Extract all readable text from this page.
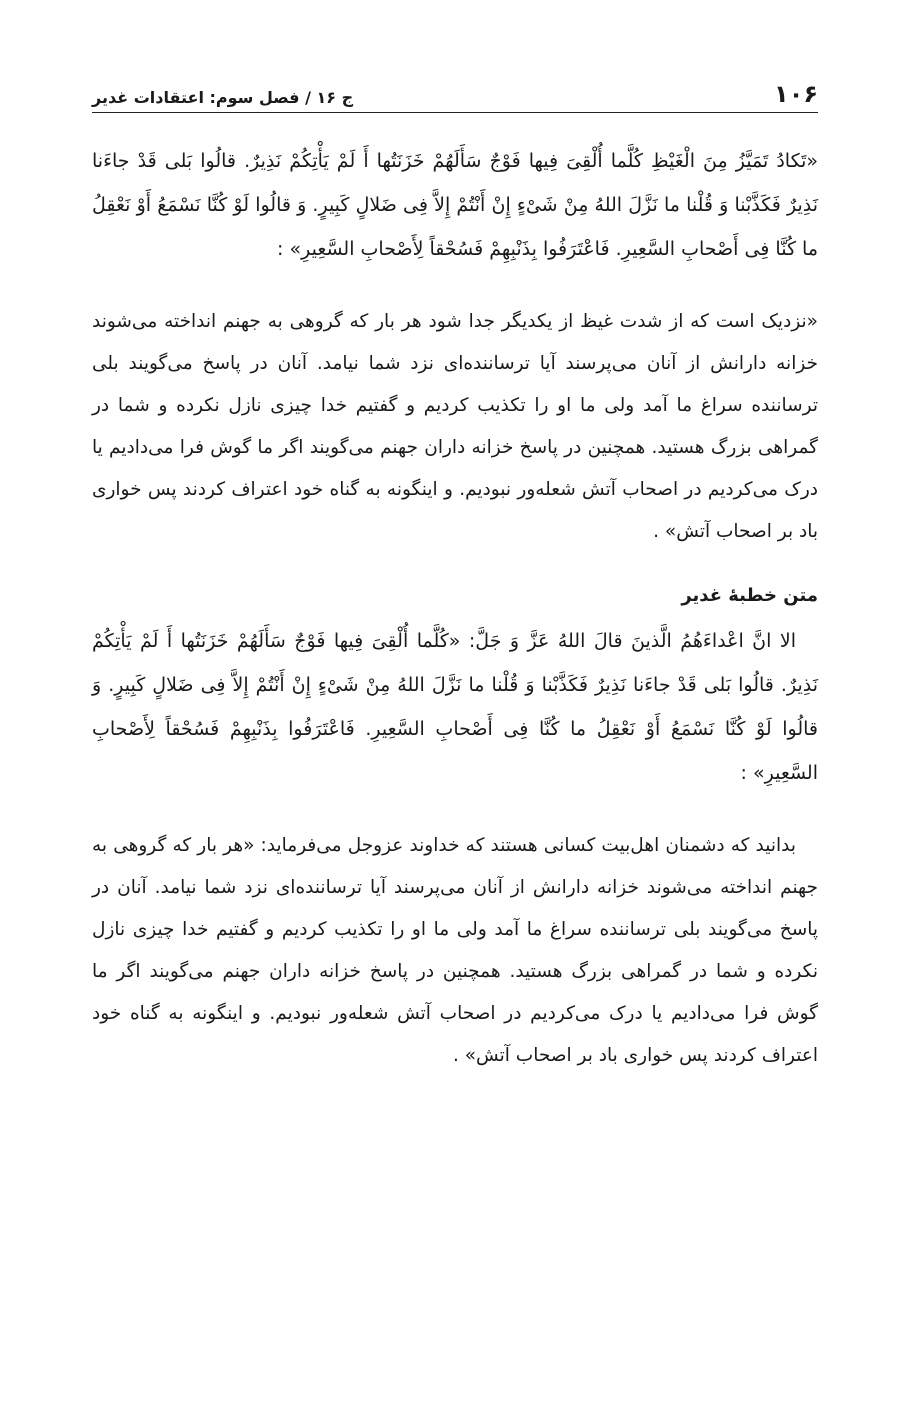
۱۰۶
ج ۱۶ / فصل سوم: اعتقادات غدیر

«تَکادُ تَمَیَّزُ مِنَ الْغَیْظِ کُلَّما أُلْقِیَ فِیها فَوْجٌ سَأَلَهُمْ خَزَنَتُها أَ لَمْ یَأْتِکُمْ نَذِیرٌ. قالُوا بَلی قَدْ جاءَنا نَذِیرٌ فَکَذَّبْنا وَ قُلْنا ما نَزَّلَ اللهُ مِنْ شَیْءٍ إِنْ أَنْتُمْ إِلاَّ فِی ضَلالٍ کَبِیرٍ. وَ قالُوا لَوْ کُنَّا نَسْمَعُ أَوْ نَعْقِلُ ما کُنَّا فِی أَصْحابِ السَّعِیرِ. فَاعْتَرَفُوا بِذَنْبِهِمْ فَسُحْقاً لِأَصْحابِ السَّعِیرِ» :

«نزدیک است که از شدت غیظ از یکدیگر جدا شود هر بار که گروهی به جهنم انداخته می‌شوند خزانه دارانش از آنان می‌پرسند آیا ترساننده‌ای نزد شما نیامد. آنان در پاسخ می‌گویند بلی ترساننده سراغ ما آمد ولی ما او را تکذیب کردیم و گفتیم خدا چیزی نازل نکرده و شما در گمراهی بزرگ هستید. همچنین در پاسخ خزانه داران جهنم می‌گویند اگر ما گوش فرا می‌دادیم یا درک می‌کردیم در اصحاب آتش شعله‌ور نبودیم. و اینگونه به گناه خود اعتراف کردند پس خواری باد بر اصحاب آتش» .

متن خطبهٔ غدیر

الا انَّ اعْداءَهُمُ الَّذینَ قالَ اللهُ عَزَّ وَ جَلَّ: «کُلَّما أُلْقِیَ فِیها فَوْجٌ سَأَلَهُمْ خَزَنَتُها أَ لَمْ یَأْتِکُمْ نَذِیرٌ. قالُوا بَلی قَدْ جاءَنا نَذِیرٌ فَکَذَّبْنا وَ قُلْنا ما نَزَّلَ اللهُ مِنْ شَیْءٍ إِنْ أَنْتُمْ إِلاَّ فِی ضَلالٍ کَبِیرٍ. وَ قالُوا لَوْ کُنَّا نَسْمَعُ أَوْ نَعْقِلُ ما کُنَّا فِی أَصْحابِ السَّعِیرِ. فَاعْتَرَفُوا بِذَنْبِهِمْ فَسُحْقاً لِأَصْحابِ السَّعِیرِ» :

بدانید که دشمنان اهل‌بیت کسانی هستند که خداوند عزوجل می‌فرماید: «هر بار که گروهی به جهنم انداخته می‌شوند خزانه دارانش از آنان می‌پرسند آیا ترساننده‌ای نزد شما نیامد. آنان در پاسخ می‌گویند بلی ترساننده سراغ ما آمد ولی ما او را تکذیب کردیم و گفتیم خدا چیزی نازل نکرده و شما در گمراهی بزرگ هستید. همچنین در پاسخ خزانه داران جهنم می‌گویند اگر ما گوش فرا می‌دادیم یا درک می‌کردیم در اصحاب آتش شعله‌ور نبودیم. و اینگونه به گناه خود اعتراف کردند پس خواری باد بر اصحاب آتش» .
